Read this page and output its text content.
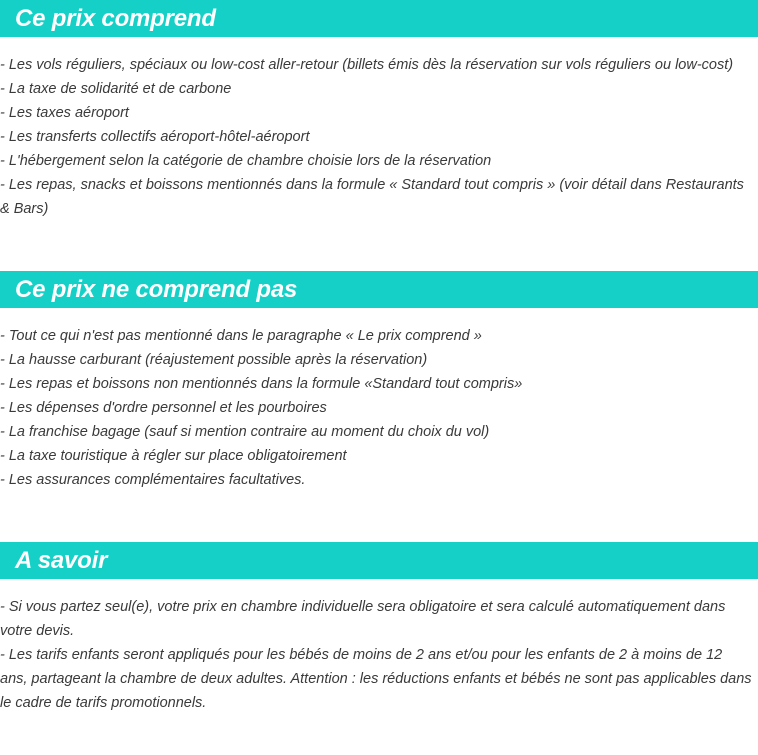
Ce prix comprend
- Les vols réguliers, spéciaux ou low-cost aller-retour (billets émis dès la réservation sur vols réguliers ou low-cost)
- La taxe de solidarité et de carbone
- Les taxes aéroport
- Les transferts collectifs aéroport-hôtel-aéroport
- L'hébergement selon la catégorie de chambre choisie lors de la réservation
- Les repas, snacks et boissons mentionnés dans la formule « Standard tout compris » (voir détail dans Restaurants & Bars)
Ce prix ne comprend pas
- Tout ce qui n'est pas mentionné dans le paragraphe « Le prix comprend »
- La hausse carburant (réajustement possible après la réservation)
- Les repas et boissons non mentionnés dans la formule «Standard tout compris»
- Les dépenses d'ordre personnel et les pourboires
- La franchise bagage (sauf si mention contraire au moment du choix du vol)
- La taxe touristique à régler sur place obligatoirement
- Les assurances complémentaires facultatives.
A savoir
- Si vous partez seul(e), votre prix en chambre individuelle sera obligatoire et sera calculé automatiquement dans votre devis.
- Les tarifs enfants seront appliqués pour les bébés de moins de 2 ans et/ou pour les enfants de 2 à moins de 12 ans, partageant la chambre de deux adultes. Attention : les réductions enfants et bébés ne sont pas applicables dans le cadre de tarifs promotionnels.
